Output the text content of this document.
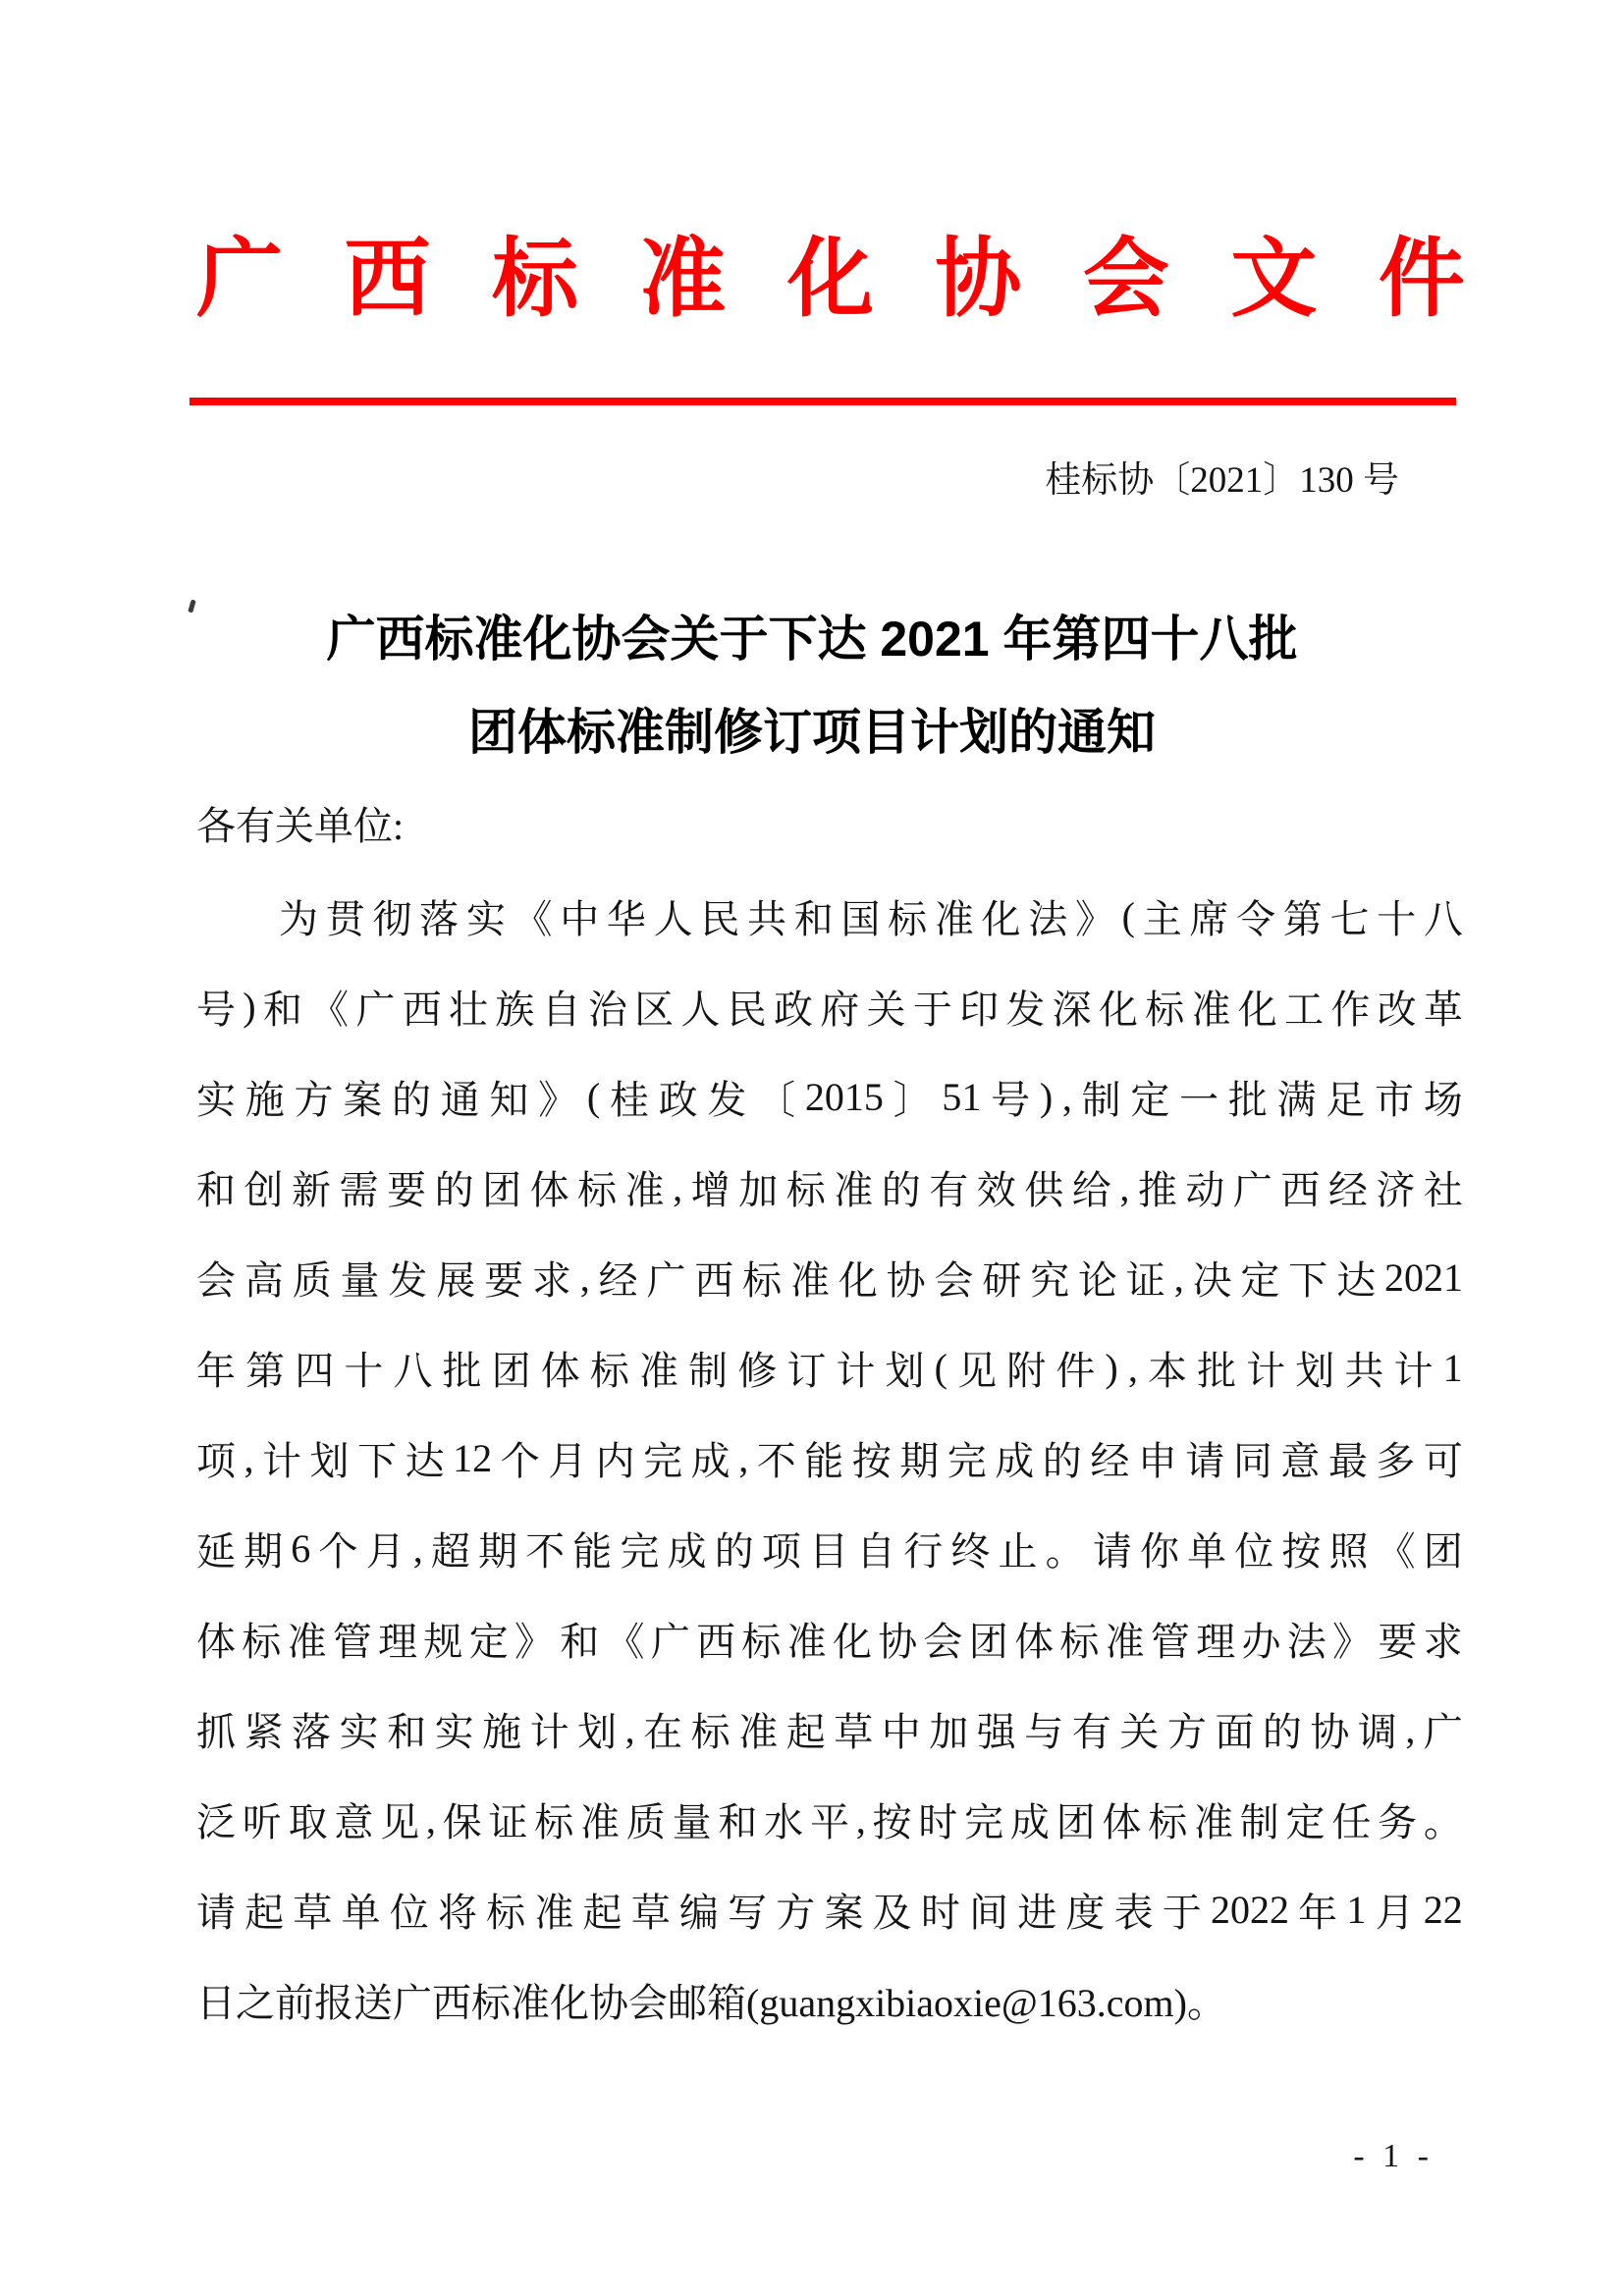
广 西 标 准 化 协 会 文 件
桂标协〔2021〕130 号
广西标准化协会关于下达 2021 年第四十八批
团体标准制修订项目计划的通知
各有关单位:
为 贯 彻 落 实 《 中 华 人 民 共 和 国 标 准 化 法 》 ( 主 席 令 第 七 十 八
号 ) 和 《 广 西 壮 族 自 治 区 人 民 政 府 关 于 印 发 深 化 标 准 化 工 作 改 革
实 施 方 案 的 通 知 》 ( 桂 政 发 〔 2015 〕 51 号 ) , 制 定 一 批 满 足 市 场
和 创 新 需 要 的 团 体 标 准 , 增 加 标 准 的 有 效 供 给 , 推 动 广 西 经 济 社
会 高 质 量 发 展 要 求 , 经 广 西 标 准 化 协 会 研 究 论 证 , 决 定 下 达 2021
年 第 四 十 八 批 团 体 标 准 制 修 订 计 划 ( 见 附 件 ) , 本 批 计 划 共 计 1
项 , 计 划 下 达 12 个 月 内 完 成 , 不 能 按 期 完 成 的 经 申 请 同 意 最 多 可
延 期 6 个 月 , 超 期 不 能 完 成 的 项 目 自 行 终 止 。 请 你 单 位 按 照 《 团
体 标 准 管 理 规 定 》 和 《 广 西 标 准 化 协 会 团 体 标 准 管 理 办 法 》 要 求
抓 紧 落 实 和 实 施 计 划 , 在 标 准 起 草 中 加 强 与 有 关 方 面 的 协 调 , 广
泛 听 取 意 见 , 保 证 标 准 质 量 和 水 平 , 按 时 完 成 团 体 标 准 制 定 任 务 。
请 起 草 单 位 将 标 准 起 草 编 写 方 案 及 时 间 进 度 表 于 2022 年 1 月 22
日之前报送广西标准化协会邮箱(guangxibiaoxie@163.com)。
- 1 -
